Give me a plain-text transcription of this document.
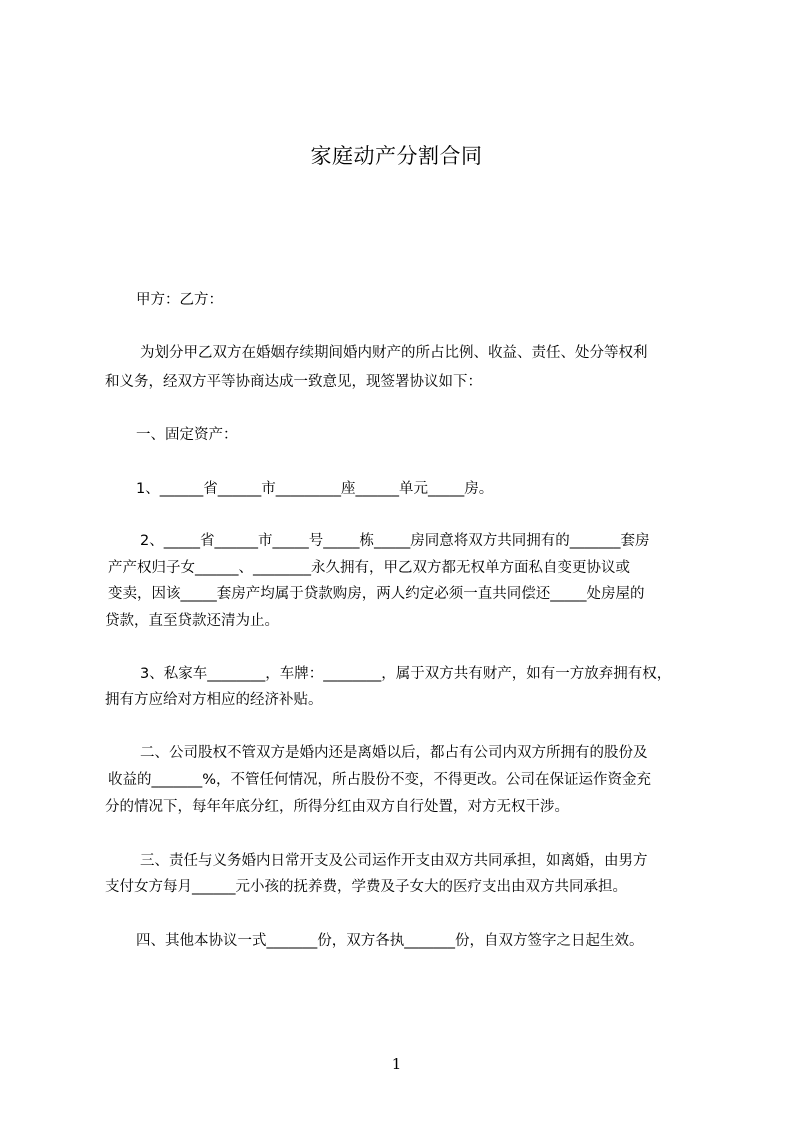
家庭动产分割合同
甲方：乙方：
为划分甲乙双方在婚姻存续期间婚内财产的所占比例、收益、责任、处分等权利
和义务，经双方平等协商达成一致意见，现签署协议如下：
一、固定资产：
1、______省______市_________座______单元_____房。
2、_____省______市_____号_____栋_____房同意将双方共同拥有的_______套房
产产权归子女______、________永久拥有，甲乙双方都无权单方面私自变更协议或
变卖，因该_____套房产均属于贷款购房，两人约定必须一直共同偿还_____处房屋的
贷款，直至贷款还清为止。
3、私家车________，车牌：________，属于双方共有财产，如有一方放弃拥有权，
拥有方应给对方相应的经济补贴。
二、公司股权不管双方是婚内还是离婚以后，都占有公司内双方所拥有的股份及
收益的_______%，不管任何情况，所占股份不变，不得更改。公司在保证运作资金充
分的情况下，每年年底分红，所得分红由双方自行处置，对方无权干涉。
三、责任与义务婚内日常开支及公司运作开支由双方共同承担，如离婚，由男方
支付女方每月______元小孩的抚养费，学费及子女大的医疗支出由双方共同承担。
四、其他本协议一式_______份，双方各执_______份，自双方签字之日起生效。
1
